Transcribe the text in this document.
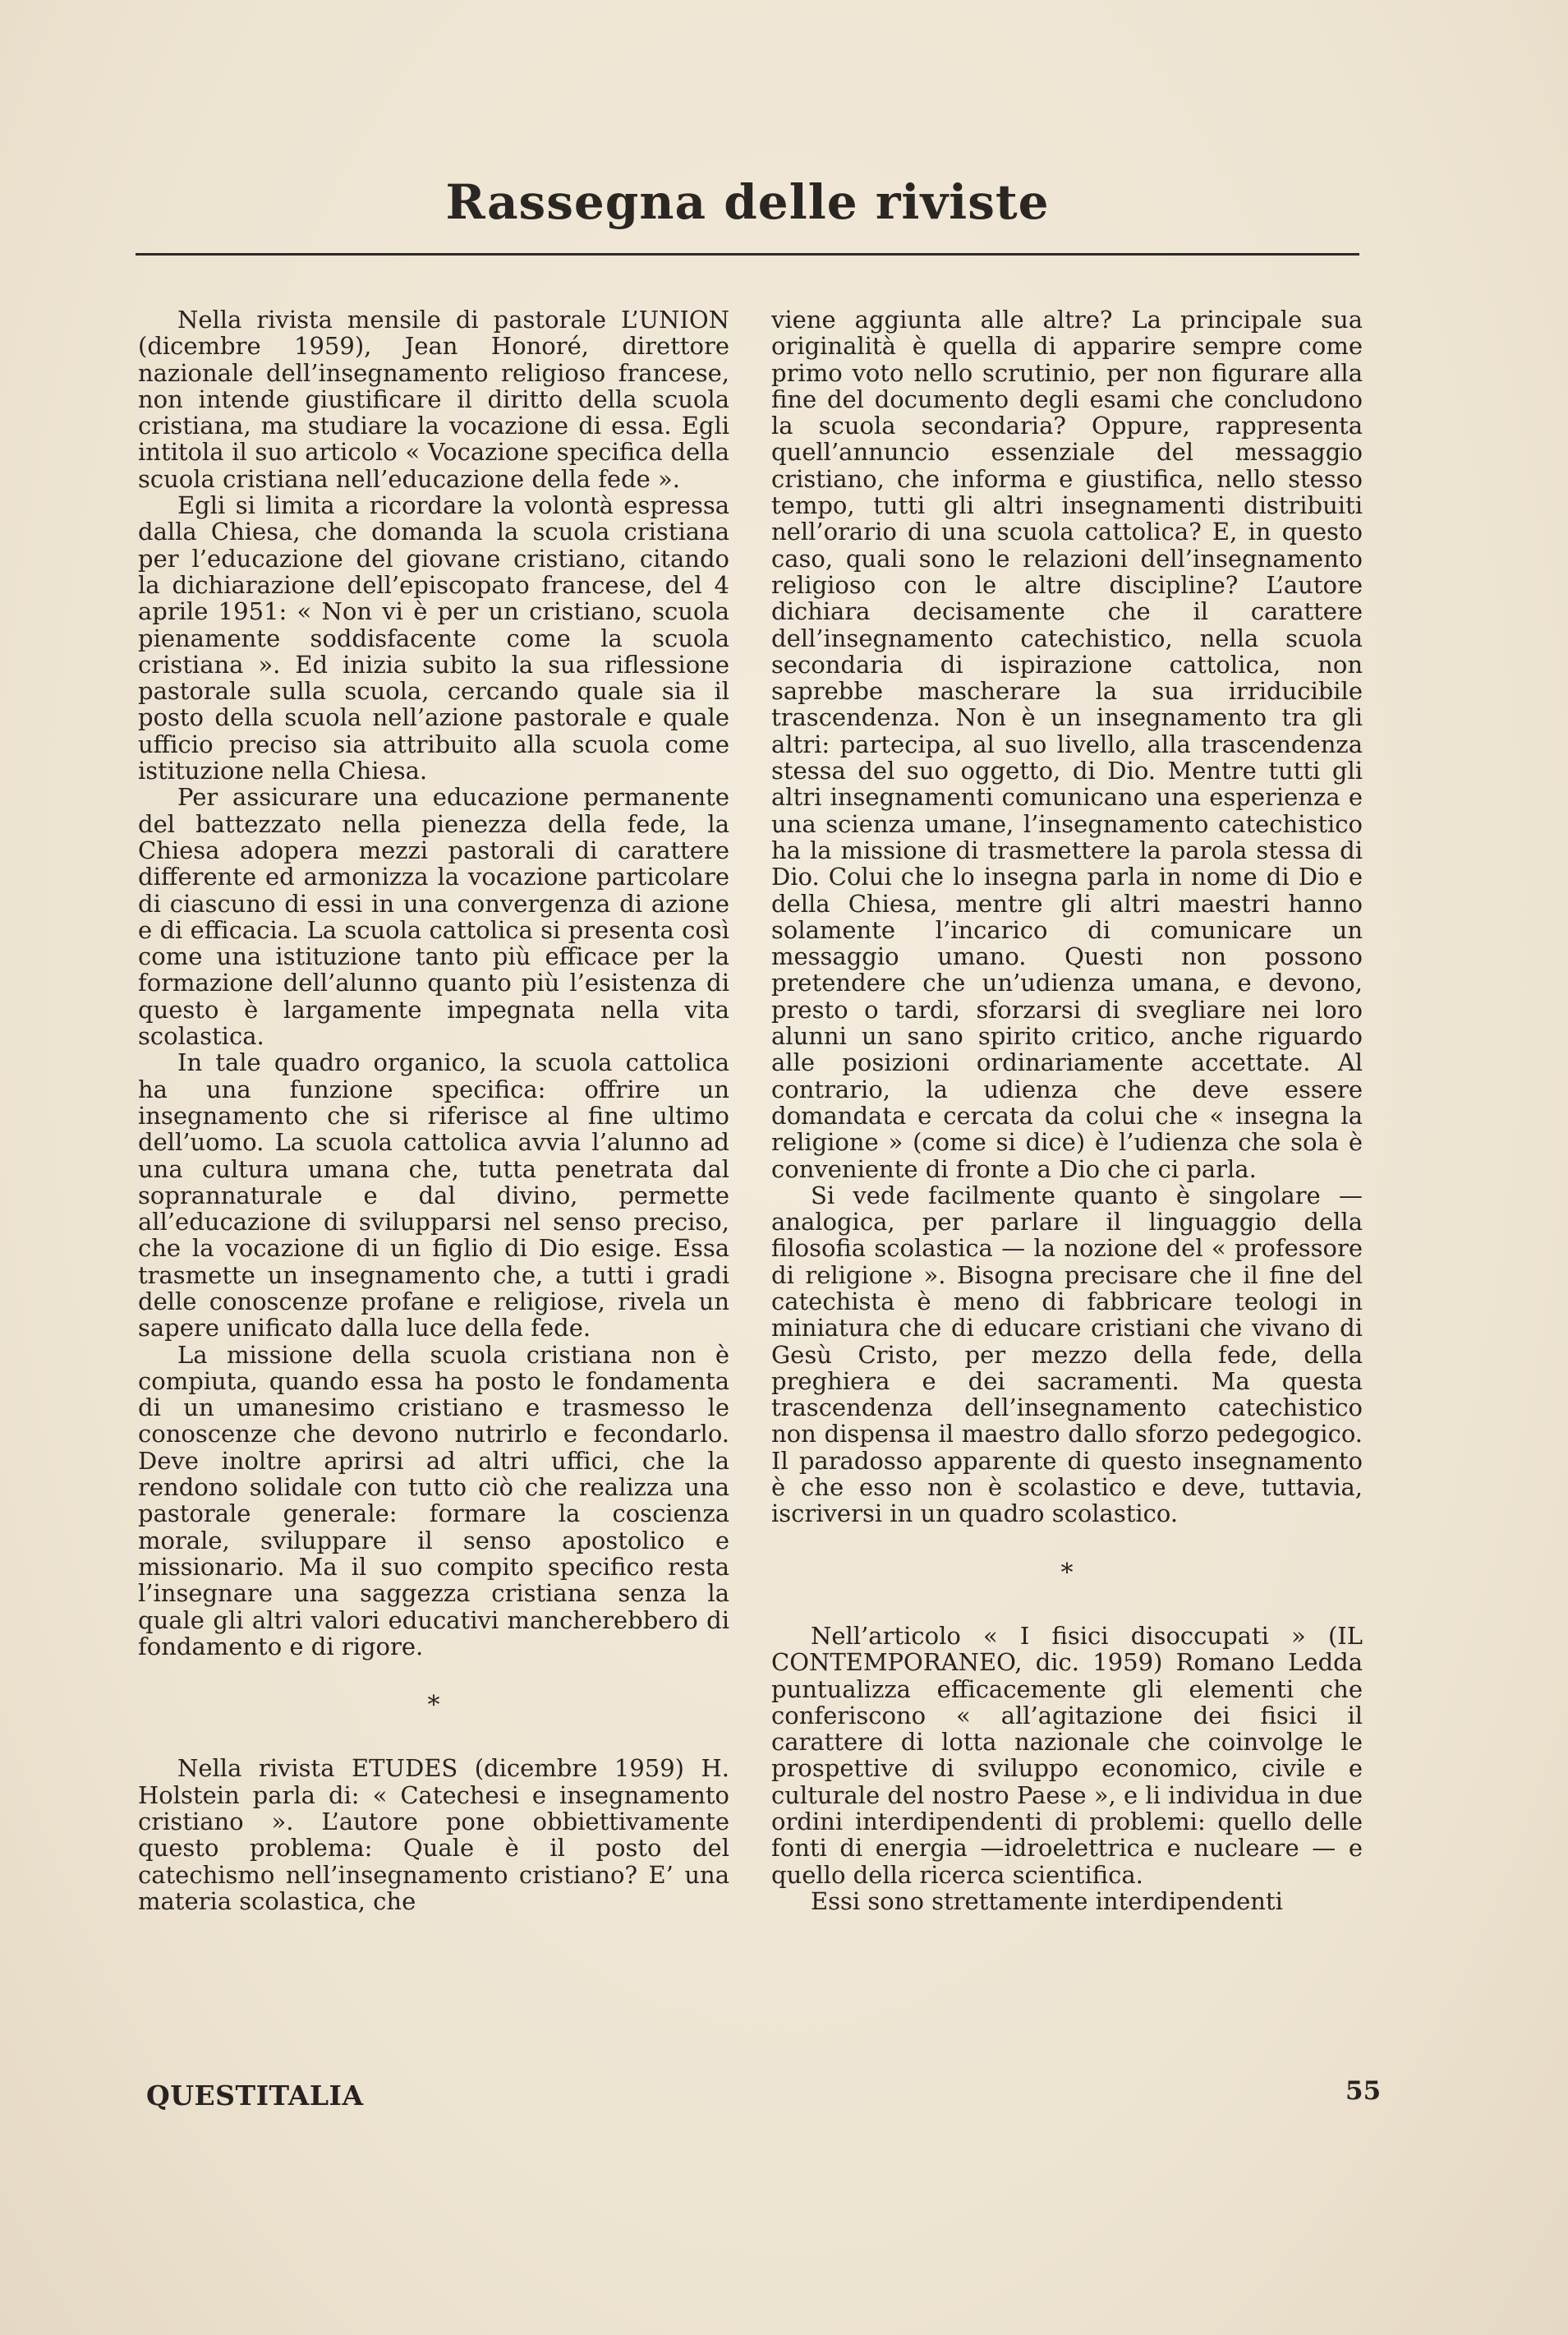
Rassegna delle riviste

Nella rivista mensile di pastorale L’UNION (dicembre 1959), Jean Honoré, direttore nazionale dell’insegnamento religioso francese, non intende giustificare il diritto della scuola cristiana, ma studiare la vocazione di essa. Egli intitola il suo articolo « Vocazione specifica della scuola cristiana nell’educazione della fede ».

Egli si limita a ricordare la volontà espressa dalla Chiesa, che domanda la scuola cristiana per l’educazione del giovane cristiano, citando la dichiarazione dell’episcopato francese, del 4 aprile 1951: « Non vi è per un cristiano, scuola pienamente soddisfacente come la scuola cristiana ». Ed inizia subito la sua riflessione pastorale sulla scuola, cercando quale sia il posto della scuola nell’azione pastorale e quale ufficio preciso sia attribuito alla scuola come istituzione nella Chiesa.

Per assicurare una educazione permanente del battezzato nella pienezza della fede, la Chiesa adopera mezzi pastorali di carattere differente ed armonizza la vocazione particolare di ciascuno di essi in una convergenza di azione e di efficacia. La scuola cattolica si presenta così come una istituzione tanto più efficace per la formazione dell’alunno quanto più l’esistenza di questo è largamente impegnata nella vita scolastica.

In tale quadro organico, la scuola cattolica ha una funzione specifica: offrire un insegnamento che si riferisce al fine ultimo dell’uomo. La scuola cattolica avvia l’alunno ad una cultura umana che, tutta penetrata dal soprannaturale e dal divino, permette all’educazione di svilupparsi nel senso preciso, che la vocazione di un figlio di Dio esige. Essa trasmette un insegnamento che, a tutti i gradi delle conoscenze profane e religiose, rivela un sapere unificato dalla luce della fede.

La missione della scuola cristiana non è compiuta, quando essa ha posto le fondamenta di un umanesimo cristiano e trasmesso le conoscenze che devono nutrirlo e fecondarlo. Deve inoltre aprirsi ad altri uffici, che la rendono solidale con tutto ciò che realizza una pastorale generale: formare la coscienza morale, sviluppare il senso apostolico e missionario. Ma il suo compito specifico resta l’insegnare una saggezza cristiana senza la quale gli altri valori educativi mancherebbero di fondamento e di rigore.

*

Nella rivista ETUDES (dicembre 1959) H. Holstein parla di: « Catechesi e insegnamento cristiano ». L’autore pone obbiettivamente questo problema: Quale è il posto del catechismo nell’insegnamento cristiano? E’ una materia scolastica, che

viene aggiunta alle altre? La principale sua originalità è quella di apparire sempre come primo voto nello scrutinio, per non figurare alla fine del documento degli esami che concludono la scuola secondaria? Oppure, rappresenta quell’annuncio essenziale del messaggio cristiano, che informa e giustifica, nello stesso tempo, tutti gli altri insegnamenti distribuiti nell’orario di una scuola cattolica? E, in questo caso, quali sono le relazioni dell’insegnamento religioso con le altre discipline? L’autore dichiara decisamente che il carattere dell’insegnamento catechistico, nella scuola secondaria di ispirazione cattolica, non saprebbe mascherare la sua irriducibile trascendenza. Non è un insegnamento tra gli altri: partecipa, al suo livello, alla trascendenza stessa del suo oggetto, di Dio. Mentre tutti gli altri insegnamenti comunicano una esperienza e una scienza umane, l’insegnamento catechistico ha la missione di trasmettere la parola stessa di Dio. Colui che lo insegna parla in nome di Dio e della Chiesa, mentre gli altri maestri hanno solamente l’incarico di comunicare un messaggio umano. Questi non possono pretendere che un’udienza umana, e devono, presto o tardi, sforzarsi di svegliare nei loro alunni un sano spirito critico, anche riguardo alle posizioni ordinariamente accettate. Al contrario, la udienza che deve essere domandata e cercata da colui che « insegna la religione » (come si dice) è l’udienza che sola è conveniente di fronte a Dio che ci parla.

Si vede facilmente quanto è singolare — analogica, per parlare il linguaggio della filosofia scolastica — la nozione del « professore di religione ». Bisogna precisare che il fine del catechista è meno di fabbricare teologi in miniatura che di educare cristiani che vivano di Gesù Cristo, per mezzo della fede, della preghiera e dei sacramenti. Ma questa trascendenza dell’insegnamento catechistico non dispensa il maestro dallo sforzo pedegogico. Il paradosso apparente di questo insegnamento è che esso non è scolastico e deve, tuttavia, iscriversi in un quadro scolastico.

*

Nell’articolo « I fisici disoccupati » (IL CONTEMPORANEO, dic. 1959) Romano Ledda puntualizza efficacemente gli elementi che conferiscono « all’agitazione dei fisici il carattere di lotta nazionale che coinvolge le prospettive di sviluppo economico, civile e culturale del nostro Paese », e li individua in due ordini interdipendenti di problemi: quello delle fonti di energia —idroelettrica e nucleare — e quello della ricerca scientifica.

Essi sono strettamente interdipendenti

QUESTITALIA	55
